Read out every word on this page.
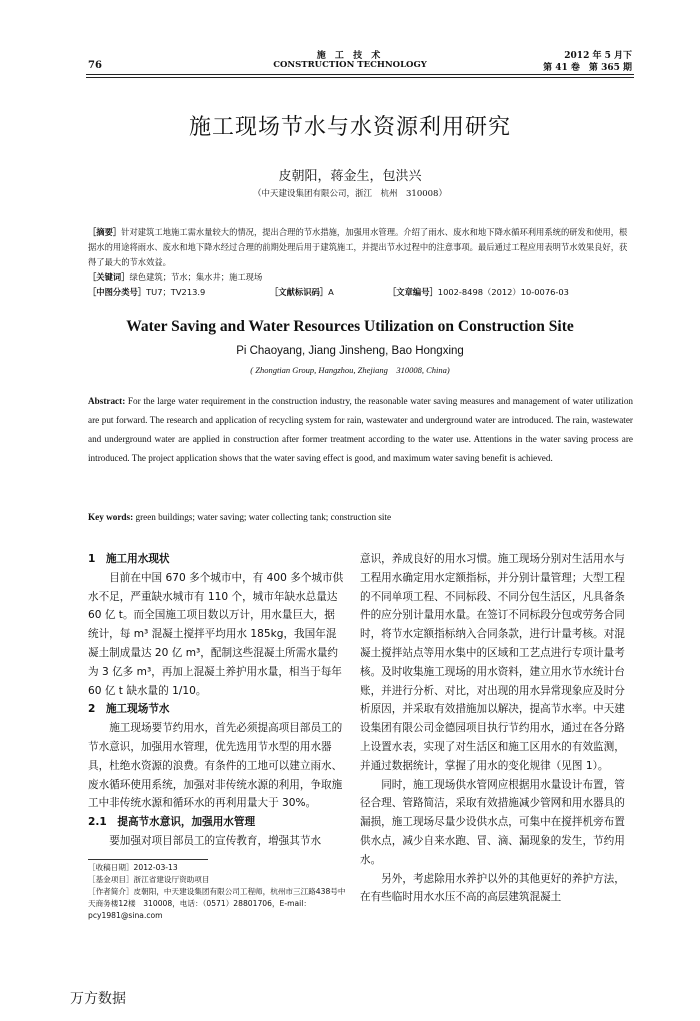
76
施 工 技 术
CONSTRUCTION TECHNOLOGY
2012 年 5 月下
第 41 卷　第 365 期
施工现场节水与水资源利用研究
皮朝阳，蒋金生，包洪兴
（中天建设集团有限公司，浙江　杭州　310008）
［摘要］针对建筑工地施工需水量较大的情况，提出合理的节水措施，加强用水管理。介绍了雨水、废水和地下降水循环利用系统的研发和使用，根据水的用途将雨水、废水和地下降水经过合理的前期处理后用于建筑施工，并提出节水过程中的注意事项。最后通过工程应用表明节水效果良好，获得了最大的节水效益。
［关键词］绿色建筑；节水；集水井；施工现场
［中图分类号］TU7；TV213.9	［文献标识码］A	［文章编号］1002-8498（2012）10-0076-03
Water Saving and Water Resources Utilization on Construction Site
Pi Chaoyang, Jiang Jinsheng, Bao Hongxing
( Zhongtian Group, Hangzhou, Zhejiang　310008, China)
Abstract: For the large water requirement in the construction industry, the reasonable water saving measures and management of water utilization are put forward. The research and application of recycling system for rain, wastewater and underground water are introduced. The rain, wastewater and underground water are applied in construction after former treatment according to the water use. Attentions in the water saving process are introduced. The project application shows that the water saving effect is good, and maximum water saving benefit is achieved.
Key words: green buildings; water saving; water collecting tank; construction site
1　施工用水现状

目前在中国 670 多个城市中，有 400 多个城市供水不足，严重缺水城市有 110 个，城市年缺水总量达 60 亿 t。而全国施工项目数以万计，用水量巨大，据统计，每 m³ 混凝土搅拌平均用水 185kg，我国年混凝土制成量达 20 亿 m³，配制这些混凝土所需水量约为 3 亿多 m³，再加上混凝土养护用水量，相当于每年 60 亿 t 缺水量的 1/10。

2　施工现场节水

施工现场要节约用水，首先必须提高项目部员工的节水意识，加强用水管理，优先选用节水型的用水器具，杜绝水资源的浪费。有条件的工地可以建立雨水、废水循环使用系统，加强对非传统水源的利用，争取施工中非传统水源和循环水的再利用量大于 30%。

2.1　提高节水意识，加强用水管理

要加强对项目部员工的宣传教育，增强其节水

意识，养成良好的用水习惯。施工现场分别对生活用水与工程用水确定用水定额指标，并分别计量管理；大型工程的不同单项工程、不同标段、不同分包生活区，凡具备条件的应分别计量用水量。在签订不同标段分包或劳务合同时，将节水定额指标纳入合同条款，进行计量考核。对混凝土搅拌站点等用水集中的区域和工艺点进行专项计量考核。及时收集施工现场的用水资料，建立用水节水统计台账，并进行分析、对比，对出现的用水异常现象应及时分析原因，并采取有效措施加以解决，提高节水率。中天建设集团有限公司金德园项目执行节约用水，通过在各分路上设置水表，实现了对生活区和施工区用水的有效监测，并通过数据统计，掌握了用水的变化规律（见图 1）。

同时，施工现场供水管网应根据用水量设计布置，管径合理、管路简洁，采取有效措施减少管网和用水器具的漏损，施工现场尽量少设供水点，可集中在搅拌机旁布置供水点，减少自来水跑、冒、滴、漏现象的发生，节约用水。

另外，考虑除用水养护以外的其他更好的养护方法，在有些临时用水水压不高的高层建筑混凝土

［收稿日期］2012-03-13
［基金项目］浙江省建设厅资助项目
［作者简介］皮朝阳，中天建设集团有限公司工程师，杭州市三江路438号中天商务楼12楼　310008，电话：（0571）28801706，E-mail：pcy1981@sina.com
万方数据
